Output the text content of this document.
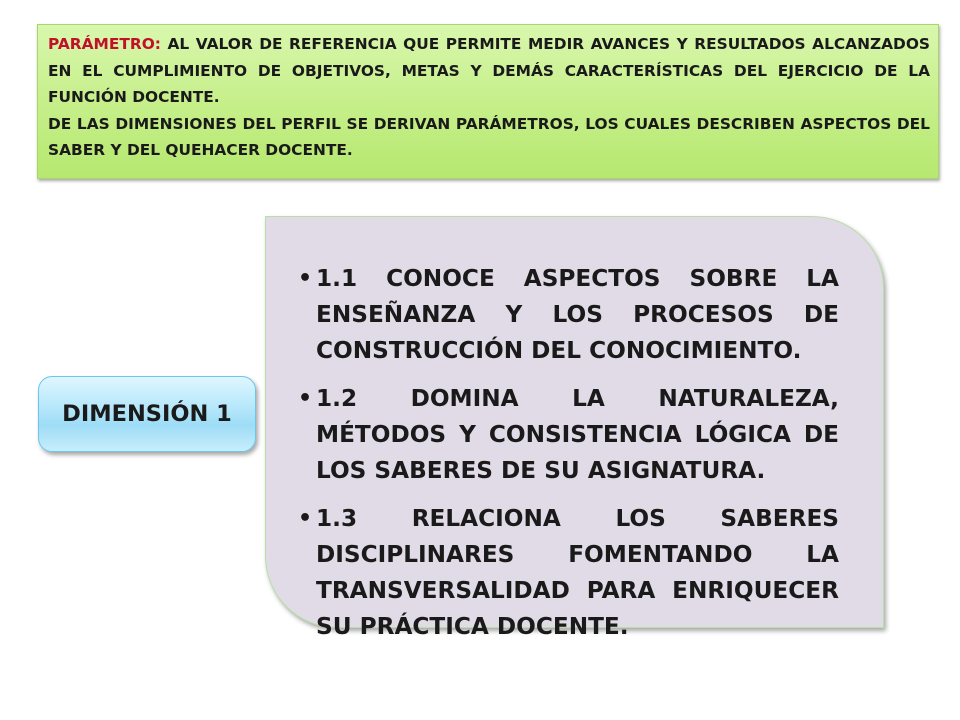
PARÁMETRO: AL VALOR DE REFERENCIA QUE PERMITE MEDIR AVANCES Y RESULTADOS ALCANZADOS EN EL CUMPLIMIENTO DE OBJETIVOS, METAS Y DEMÁS CARACTERÍSTICAS DEL EJERCICIO DE LA FUNCIÓN DOCENTE.

DE LAS DIMENSIONES DEL PERFIL SE DERIVAN PARÁMETROS, LOS CUALES DESCRIBEN ASPECTOS DEL SABER Y DEL QUEHACER DOCENTE.

DIMENSIÓN 1
• 1.1 CONOCE ASPECTOS SOBRE LA ENSEÑANZA Y LOS PROCESOS DE CONSTRUCCIÓN DEL CONOCIMIENTO.
• 1.2 DOMINA LA NATURALEZA, MÉTODOS Y CONSISTENCIA LÓGICA DE LOS SABERES DE SU ASIGNATURA.
• 1.3 RELACIONA LOS SABERES DISCIPLINARES FOMENTANDO LA TRANSVERSALIDAD PARA ENRIQUECER SU PRÁCTICA DOCENTE.
